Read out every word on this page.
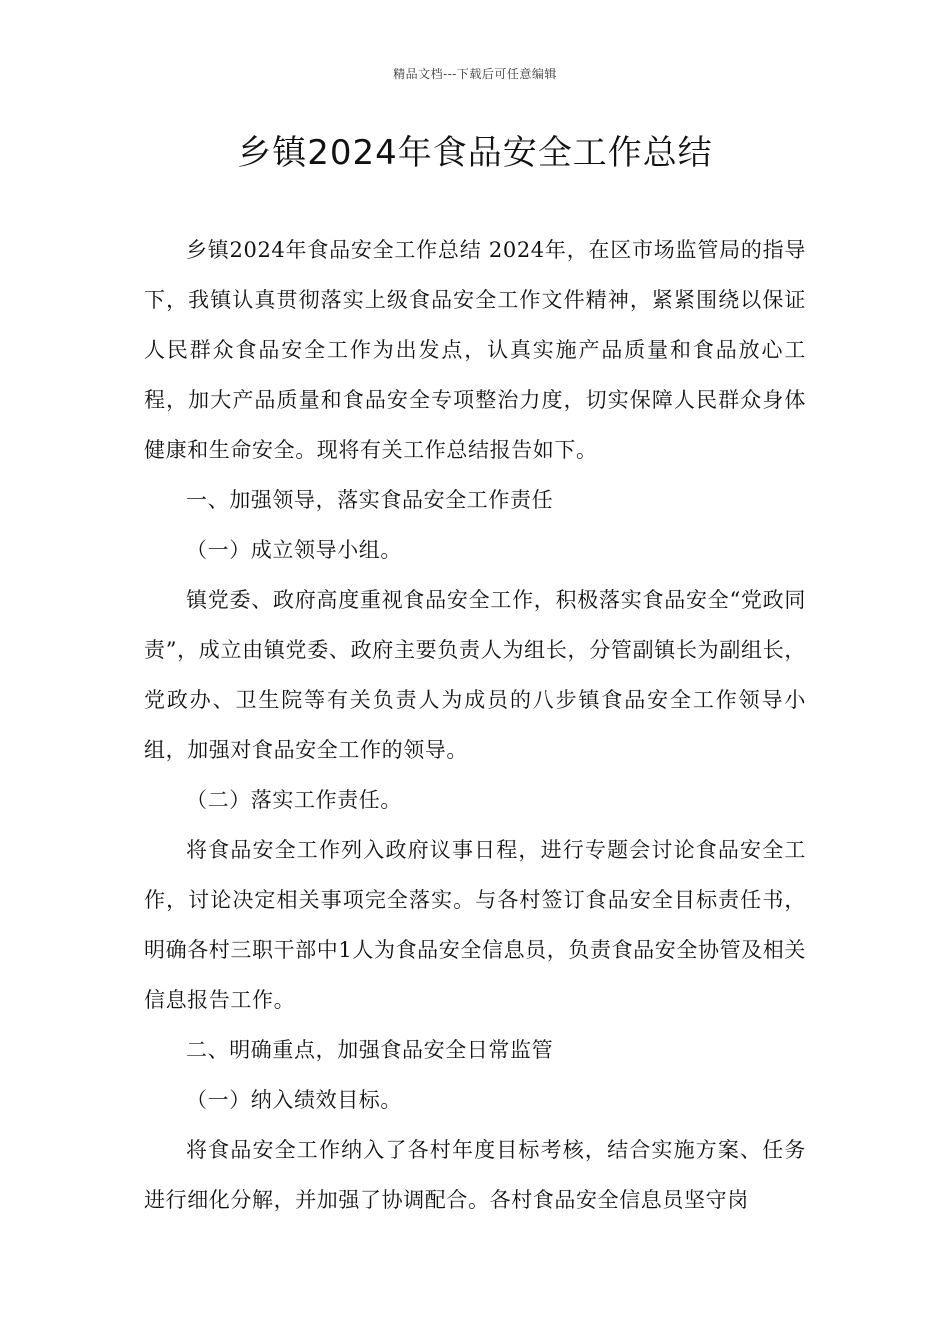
精品文档---下载后可任意编辑
乡镇2024年食品安全工作总结

乡镇2024年食品安全工作总结 2024年，在区市场监管局的指导下，我镇认真贯彻落实上级食品安全工作文件精神，紧紧围绕以保证人民群众食品安全工作为出发点，认真实施产品质量和食品放心工程，加大产品质量和食品安全专项整治力度，切实保障人民群众身体健康和生命安全。现将有关工作总结报告如下。

一、加强领导，落实食品安全工作责任

（一）成立领导小组。

镇党委、政府高度重视食品安全工作，积极落实食品安全“党政同责”，成立由镇党委、政府主要负责人为组长，分管副镇长为副组长，党政办、卫生院等有关负责人为成员的八步镇食品安全工作领导小组，加强对食品安全工作的领导。

（二）落实工作责任。

将食品安全工作列入政府议事日程，进行专题会讨论食品安全工作，讨论决定相关事项完全落实。与各村签订食品安全目标责任书，明确各村三职干部中1人为食品安全信息员，负责食品安全协管及相关信息报告工作。

二、明确重点，加强食品安全日常监管

（一）纳入绩效目标。

将食品安全工作纳入了各村年度目标考核，结合实施方案、任务进行细化分解，并加强了协调配合。各村食品安全信息员坚守岗
